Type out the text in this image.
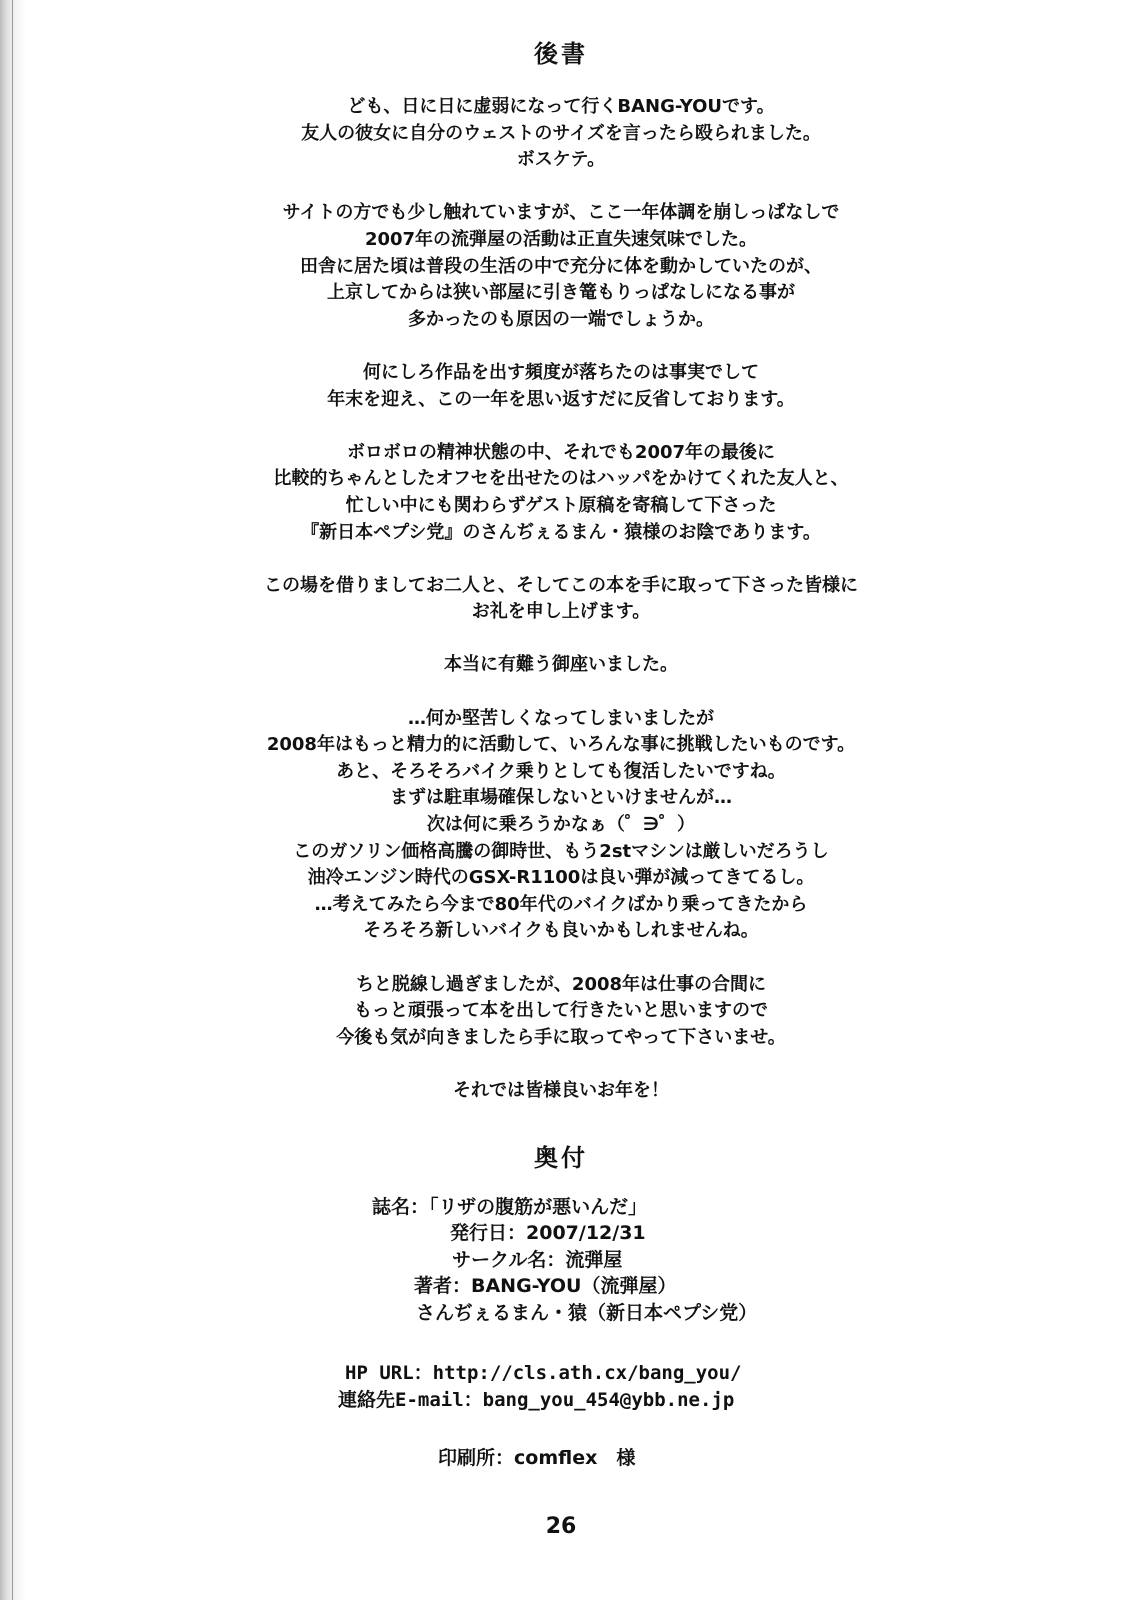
後書
ども、日に日に虚弱になって行くBANG-YOUです。
友人の彼女に自分のウェストのサイズを言ったら殴られました。
ボスケテ。
サイトの方でも少し触れていますが、ここ一年体調を崩しっぱなしで
2007年の流弾屋の活動は正直失速気味でした。
田舎に居た頃は普段の生活の中で充分に体を動かしていたのが、
上京してからは狭い部屋に引き篭もりっぱなしになる事が
多かったのも原因の一端でしょうか。
何にしろ作品を出す頻度が落ちたのは事実でして
年末を迎え、この一年を思い返すだに反省しております。
ボロボロの精神状態の中、それでも2007年の最後に
比較的ちゃんとしたオフセを出せたのはハッパをかけてくれた友人と、
忙しい中にも関わらずゲスト原稿を寄稿して下さった
『新日本ペプシ党』のさんぢぇるまん・猿様のお陰であります。
この場を借りましてお二人と、そしてこの本を手に取って下さった皆様に
お礼を申し上げます。
本当に有難う御座いました。
…何か堅苦しくなってしまいましたが
2008年はもっと精力的に活動して、いろんな事に挑戦したいものです。
あと、そろそろバイク乗りとしても復活したいですね。
まずは駐車場確保しないといけませんが…
次は何に乗ろうかなぁ（゜∋゜）
このガソリン価格高騰の御時世、もう2stマシンは厳しいだろうし
油冷エンジン時代のGSX-R1100は良い弾が減ってきてるし。
…考えてみたら今まで80年代のバイクばかり乗ってきたから
そろそろ新しいバイクも良いかもしれませんね。
ちと脱線し過ぎましたが、2008年は仕事の合間に
もっと頑張って本を出して行きたいと思いますので
今後も気が向きましたら手に取ってやって下さいませ。
それでは皆様良いお年を！
奥付
誌名：「リザの腹筋が悪いんだ」
発行日：2007/12/31
サークル名：流弾屋
著者：BANG-YOU（流弾屋）
さんぢぇるまん・猿（新日本ペプシ党）
HP URL：http://cls.ath.cx/bang_you/
連絡先E-mail：bang_you_454@ybb.ne.jp
印刷所：comflex　様
26
